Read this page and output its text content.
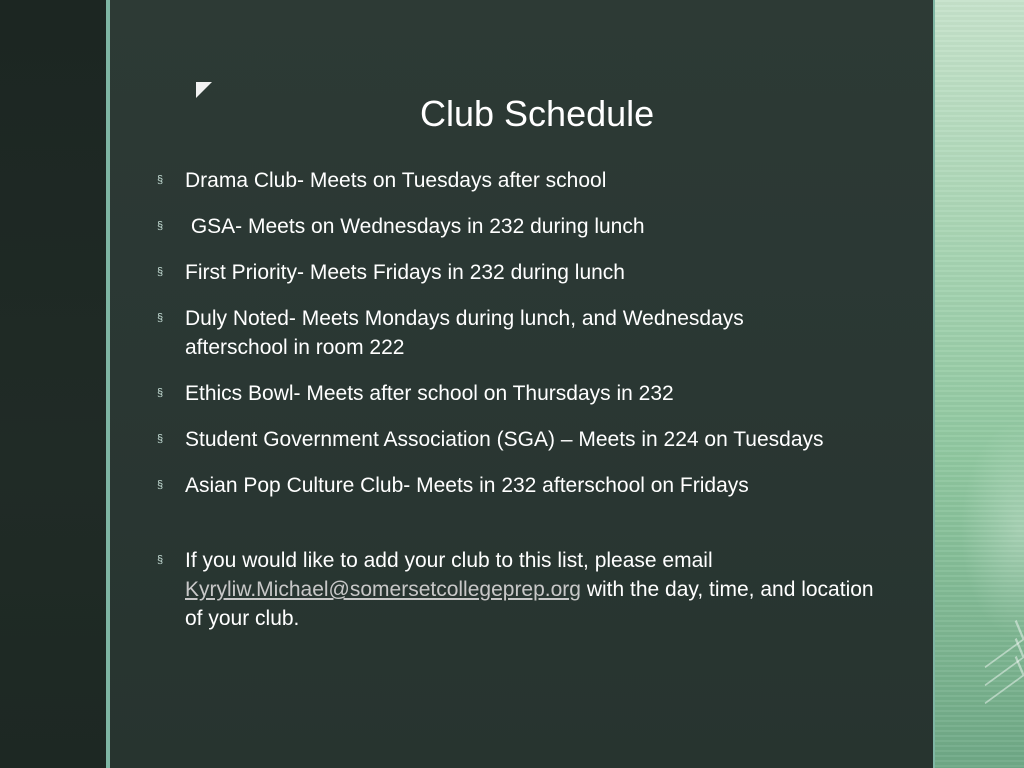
Club Schedule
§ Drama Club- Meets on Tuesdays after school
§ GSA- Meets on Wednesdays in 232 during lunch
§ First Priority- Meets Fridays in 232 during lunch
§ Duly Noted- Meets Mondays during lunch, and Wednesdays afterschool in room 222
§ Ethics Bowl- Meets after school on Thursdays in 232
§ Student Government Association (SGA) – Meets in 224 on Tuesdays
§ Asian Pop Culture Club- Meets in 232 afterschool on Fridays
§ If you would like to add your club to this list, please email Kyryliw.Michael@somersetcollegeprep.org with the day, time, and location of your club.
